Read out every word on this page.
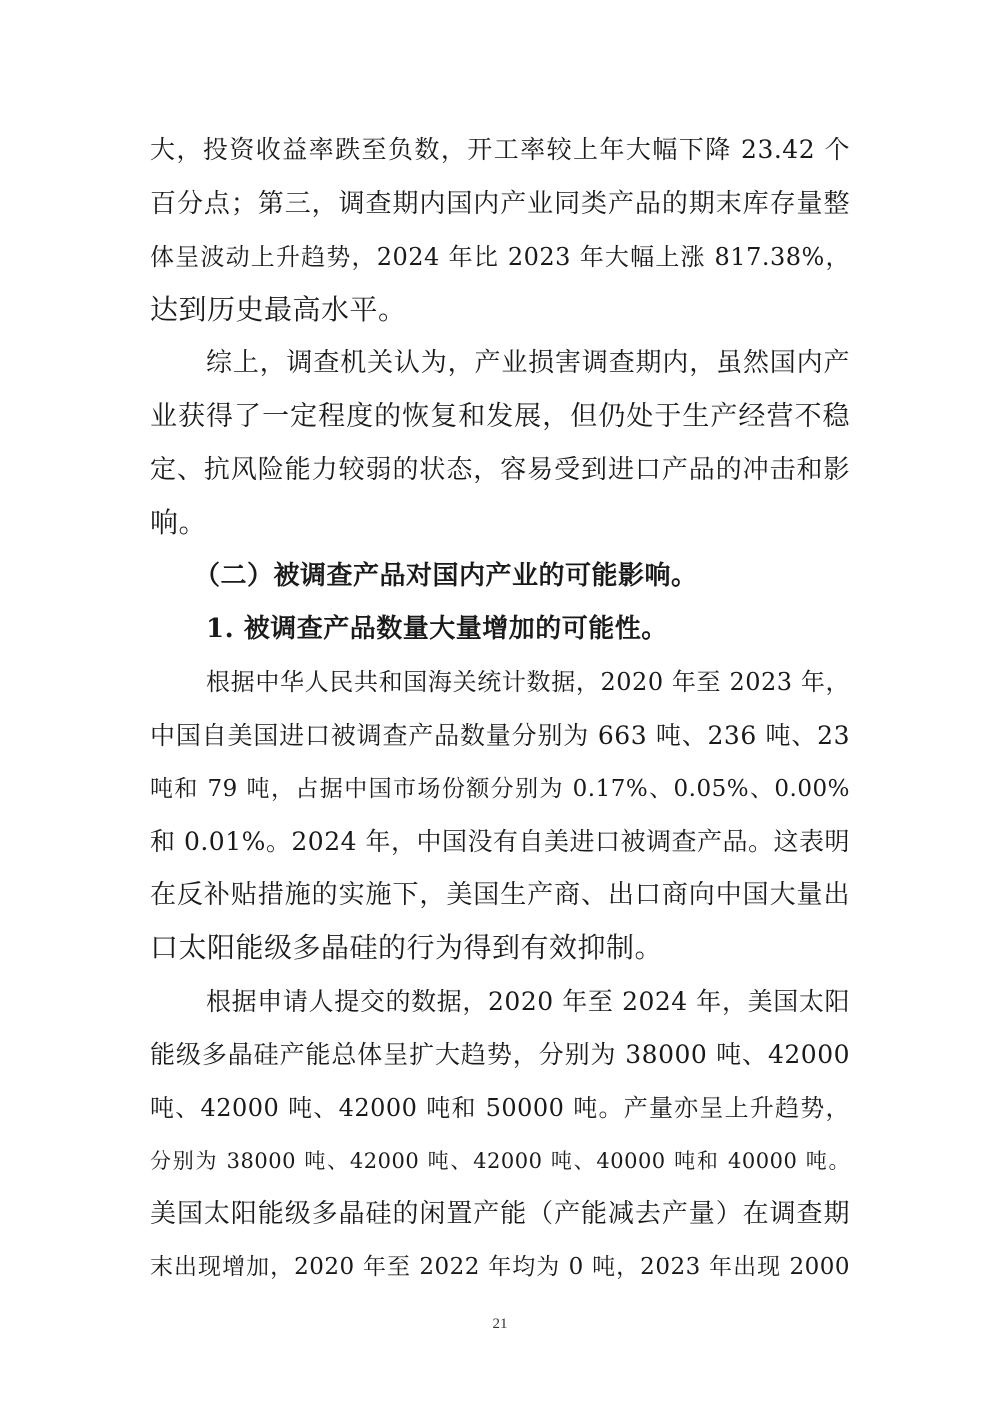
大，投资收益率跌至负数，开工率较上年大幅下降 23.42 个
百分点；第三，调查期内国内产业同类产品的期末库存量整
体呈波动上升趋势，2024 年比 2023 年大幅上涨 817.38%，
达到历史最高水平。
综上，调查机关认为，产业损害调查期内，虽然国内产
业获得了一定程度的恢复和发展，但仍处于生产经营不稳
定、抗风险能力较弱的状态，容易受到进口产品的冲击和影
响。
（二）被调查产品对国内产业的可能影响。
1. 被调查产品数量大量增加的可能性。
根据中华人民共和国海关统计数据，2020 年至 2023 年，
中国自美国进口被调查产品数量分别为 663 吨、236 吨、23
吨和 79 吨，占据中国市场份额分别为 0.17%、0.05%、0.00%
和 0.01%。2024 年，中国没有自美进口被调查产品。这表明
在反补贴措施的实施下，美国生产商、出口商向中国大量出
口太阳能级多晶硅的行为得到有效抑制。
根据申请人提交的数据，2020 年至 2024 年，美国太阳
能级多晶硅产能总体呈扩大趋势，分别为 38000 吨、42000
吨、42000 吨、42000 吨和 50000 吨。产量亦呈上升趋势，
分别为 38000 吨、42000 吨、42000 吨、40000 吨和 40000 吨。
美国太阳能级多晶硅的闲置产能（产能减去产量）在调查期
末出现增加，2020 年至 2022 年均为 0 吨，2023 年出现 2000
21
